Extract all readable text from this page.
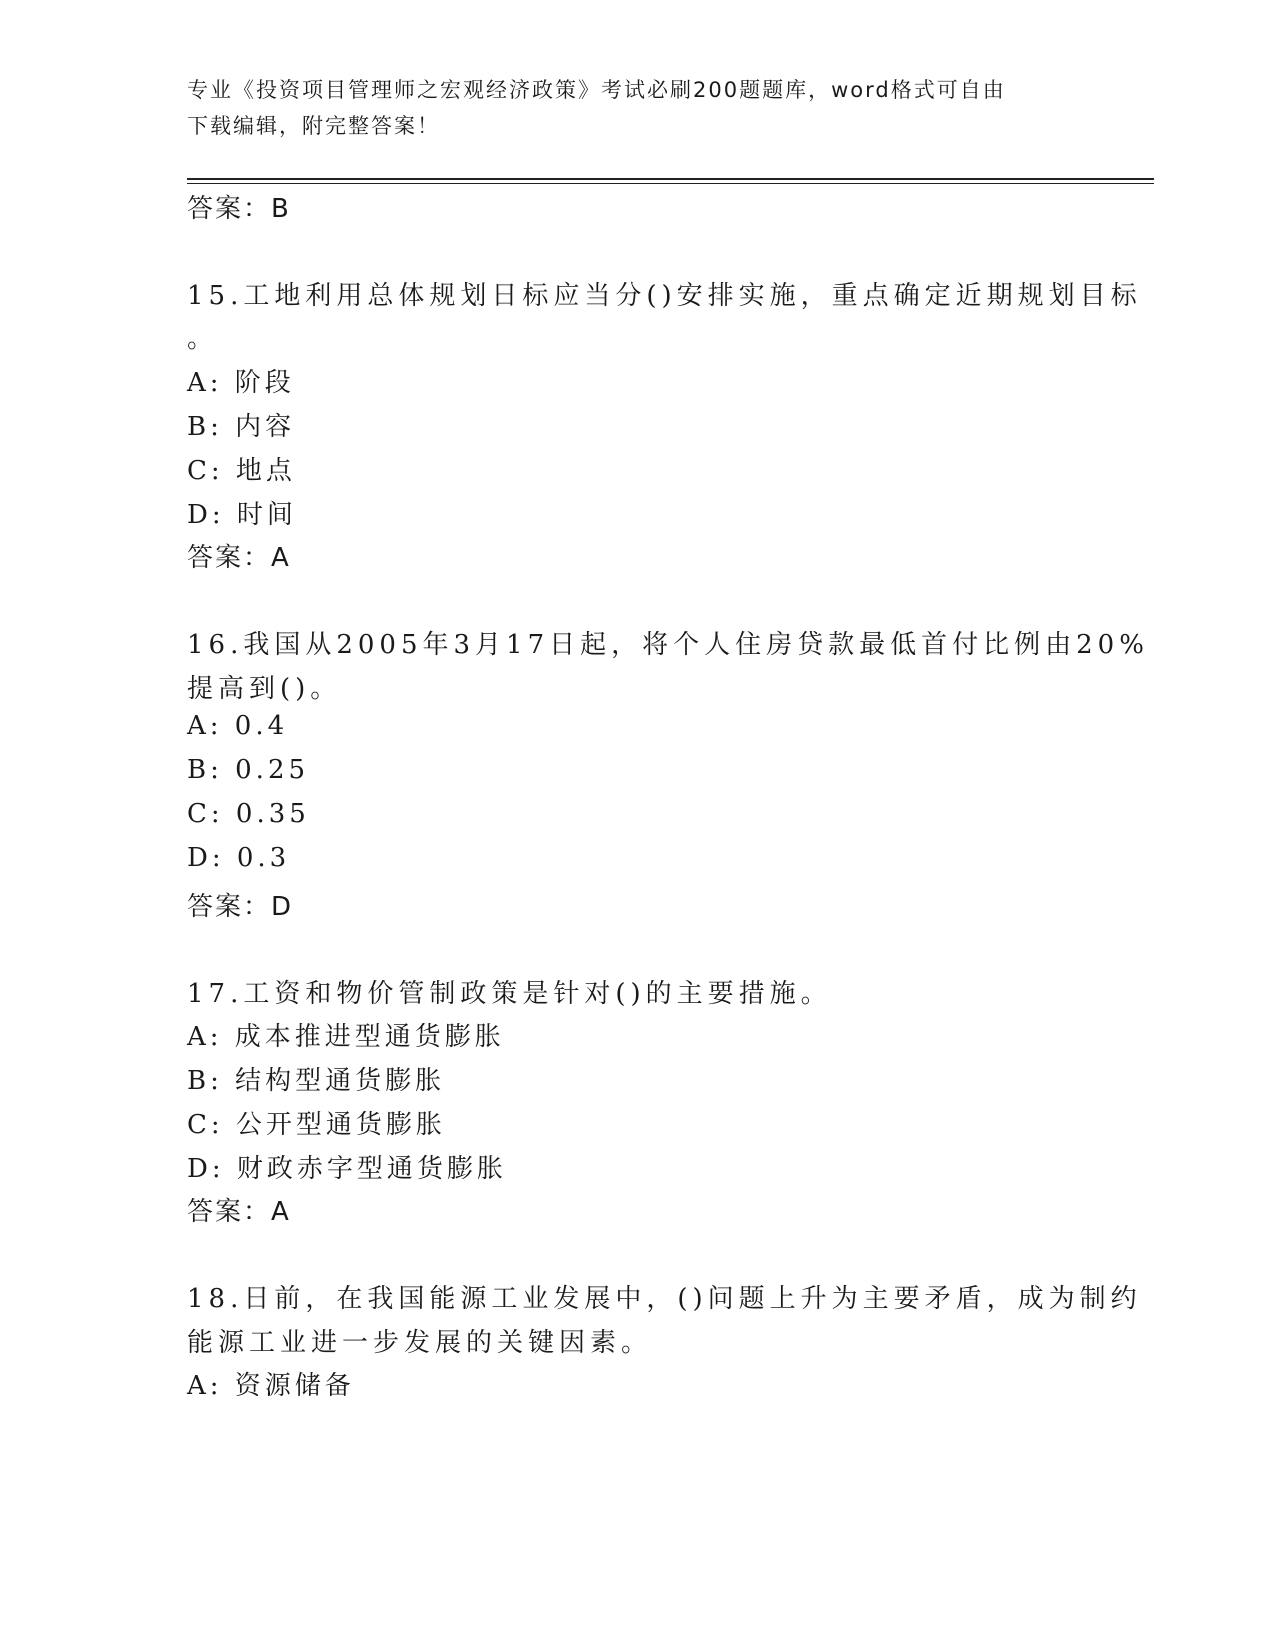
专业《投资项目管理师之宏观经济政策》考试必刷200题题库，word格式可自由
下载编辑，附完整答案！
答案：B
15.工地利用总体规划日标应当分()安排实施，重点确定近期规划目标
。
A: 阶段
B: 内容
C: 地点
D: 时间
答案：A
16.我国从2005年3月17日起，将个人住房贷款最低首付比例由20%
提高到()。
A: 0.4
B: 0.25
C: 0.35
D: 0.3
答案：D
17.工资和物价管制政策是针对()的主要措施。
A: 成本推进型通货膨胀
B: 结构型通货膨胀
C: 公开型通货膨胀
D: 财政赤字型通货膨胀
答案：A
18.日前，在我国能源工业发展中，()问题上升为主要矛盾，成为制约
能源工业进一步发展的关键因素。
A: 资源储备
